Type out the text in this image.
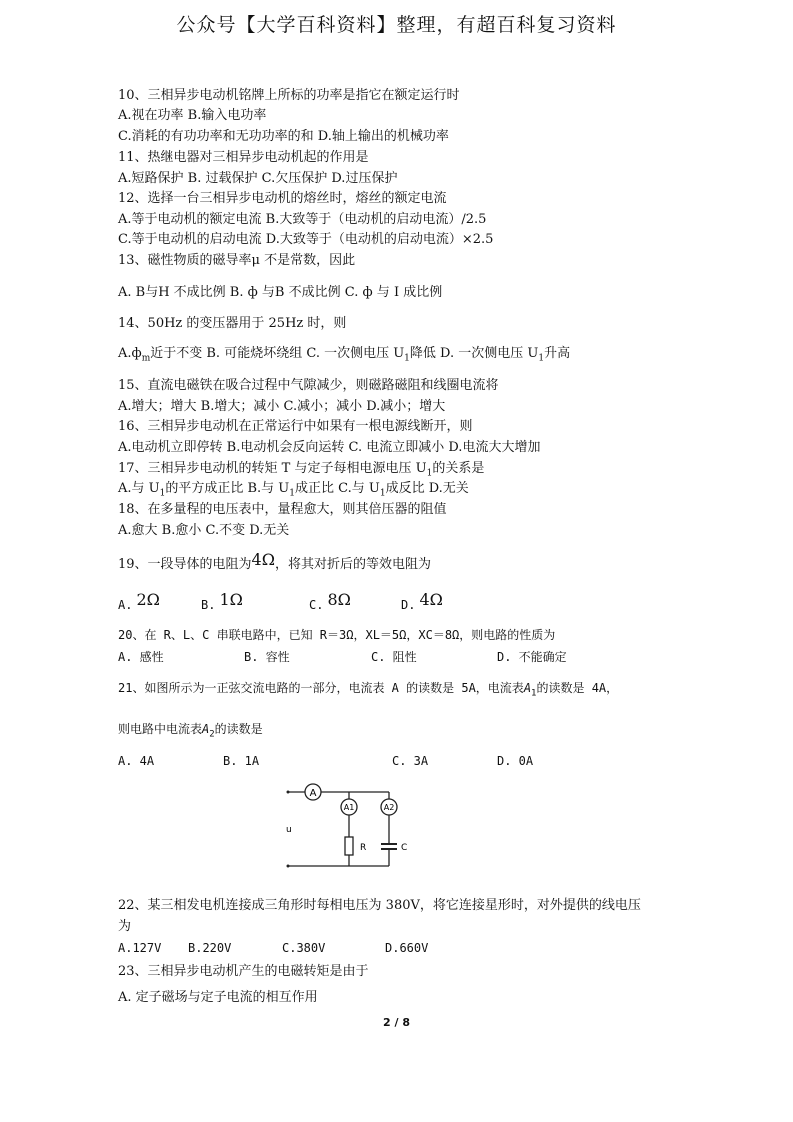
公众号【大学百科资料】整理，有超百科复习资料
10、三相异步电动机铭牌上所标的功率是指它在额定运行时
A.视在功率 B.输入电功率
C.消耗的有功功率和无功功率的和 D.轴上输出的机械功率
11、热继电器对三相异步电动机起的作用是
A.短路保护 B. 过载保护 C.欠压保护 D.过压保护
12、选择一台三相异步电动机的熔丝时，熔丝的额定电流
A.等于电动机的额定电流 B.大致等于（电动机的启动电流）/2.5
C.等于电动机的启动电流 D.大致等于（电动机的启动电流）×2.5
13、磁性物质的磁导率μ 不是常数，因此
A. B与H 不成比例 B. ф 与B 不成比例 C. ф 与 I 成比例
14、50Hz 的变压器用于 25Hz 时，则
$A.ф_m$近于不变 B. 可能烧坏绕组 C. 一次侧电压 $U_1$降低 D. 一次侧电压 $U_1$升高
15、直流电磁铁在吸合过程中气隙减少，则磁路磁阻和线圈电流将
A.增大；增大 B.增大；减小 C.减小；减小 D.减小；增大
16、三相异步电动机在正常运行中如果有一根电源线断开，则
A.电动机立即停转 B.电动机会反向运转 C. 电流立即减小 D.电流大大增加
17、三相异步电动机的转矩 T 与定子每相电源电压 $U_1$的关系是
A.与 $U_1$的平方成正比 B.与 $U_1$成正比 C.与 $U_1$成反比 D.无关
18、在多量程的电压表中，量程愈大，则其倍压器的阻值
A.愈大 B.愈小 C.不变 D.无关
19、一段导体的电阻为4Ω，将其对折后的等效电阻为
A. 2Ω	B. 1Ω	C. 8Ω	D. 4Ω
20、在 R、L、C 串联电路中，已知 R＝3Ω，XL＝5Ω，XC＝8Ω，则电路的性质为
A. 感性	B. 容性	C. 阻性	D. 不能确定
21、如图所示为一正弦交流电路的一部分，电流表 A 的读数是 5A，电流表$A_1$的读数是 4A，
则电路中电流表$A_2$的读数是
A. 4A	B. 1A	C. 3A	D. 0A
A
A1	A2
u
R	C
22、某三相发电机连接成三角形时每相电压为 380V，将它连接星形时，对外提供的线电压
为
A.127V B.220V	C.380V	D.660V
23、三相异步电动机产生的电磁转矩是由于
A. 定子磁场与定子电流的相互作用
2 / 8
